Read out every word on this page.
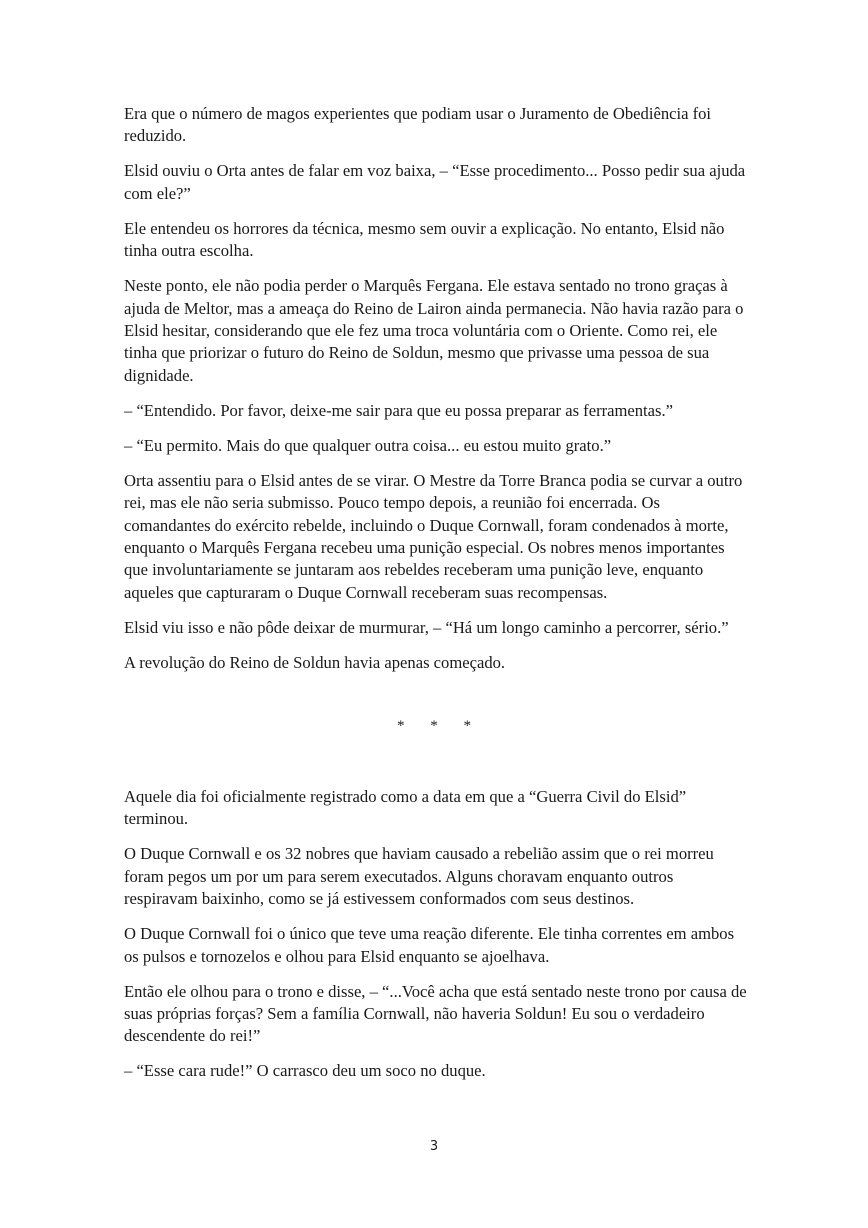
Era que o número de magos experientes que podiam usar o Juramento de Obediência foi reduzido.

Elsid ouviu o Orta antes de falar em voz baixa, – “Esse procedimento... Posso pedir sua ajuda com ele?”

Ele entendeu os horrores da técnica, mesmo sem ouvir a explicação. No entanto, Elsid não tinha outra escolha.

Neste ponto, ele não podia perder o Marquês Fergana. Ele estava sentado no trono graças à ajuda de Meltor, mas a ameaça do Reino de Lairon ainda permanecia. Não havia razão para o Elsid hesitar, considerando que ele fez uma troca voluntária com o Oriente. Como rei, ele tinha que priorizar o futuro do Reino de Soldun, mesmo que privasse uma pessoa de sua dignidade.

– “Entendido. Por favor, deixe-me sair para que eu possa preparar as ferramentas.”

– “Eu permito. Mais do que qualquer outra coisa... eu estou muito grato.”

Orta assentiu para o Elsid antes de se virar. O Mestre da Torre Branca podia se curvar a outro rei, mas ele não seria submisso. Pouco tempo depois, a reunião foi encerrada. Os comandantes do exército rebelde, incluindo o Duque Cornwall, foram condenados à morte, enquanto o Marquês Fergana recebeu uma punição especial. Os nobres menos importantes que involuntariamente se juntaram aos rebeldes receberam uma punição leve, enquanto aqueles que capturaram o Duque Cornwall receberam suas recompensas.

Elsid viu isso e não pôde deixar de murmurar, – “Há um longo caminho a percorrer, sério.”

A revolução do Reino de Soldun havia apenas começado.

* * *

Aquele dia foi oficialmente registrado como a data em que a “Guerra Civil do Elsid” terminou.

O Duque Cornwall e os 32 nobres que haviam causado a rebelião assim que o rei morreu foram pegos um por um para serem executados. Alguns choravam enquanto outros respiravam baixinho, como se já estivessem conformados com seus destinos.

O Duque Cornwall foi o único que teve uma reação diferente. Ele tinha correntes em ambos os pulsos e tornozelos e olhou para Elsid enquanto se ajoelhava.

Então ele olhou para o trono e disse, – “...Você acha que está sentado neste trono por causa de suas próprias forças? Sem a família Cornwall, não haveria Soldun! Eu sou o verdadeiro descendente do rei!”

– “Esse cara rude!” O carrasco deu um soco no duque.

3
